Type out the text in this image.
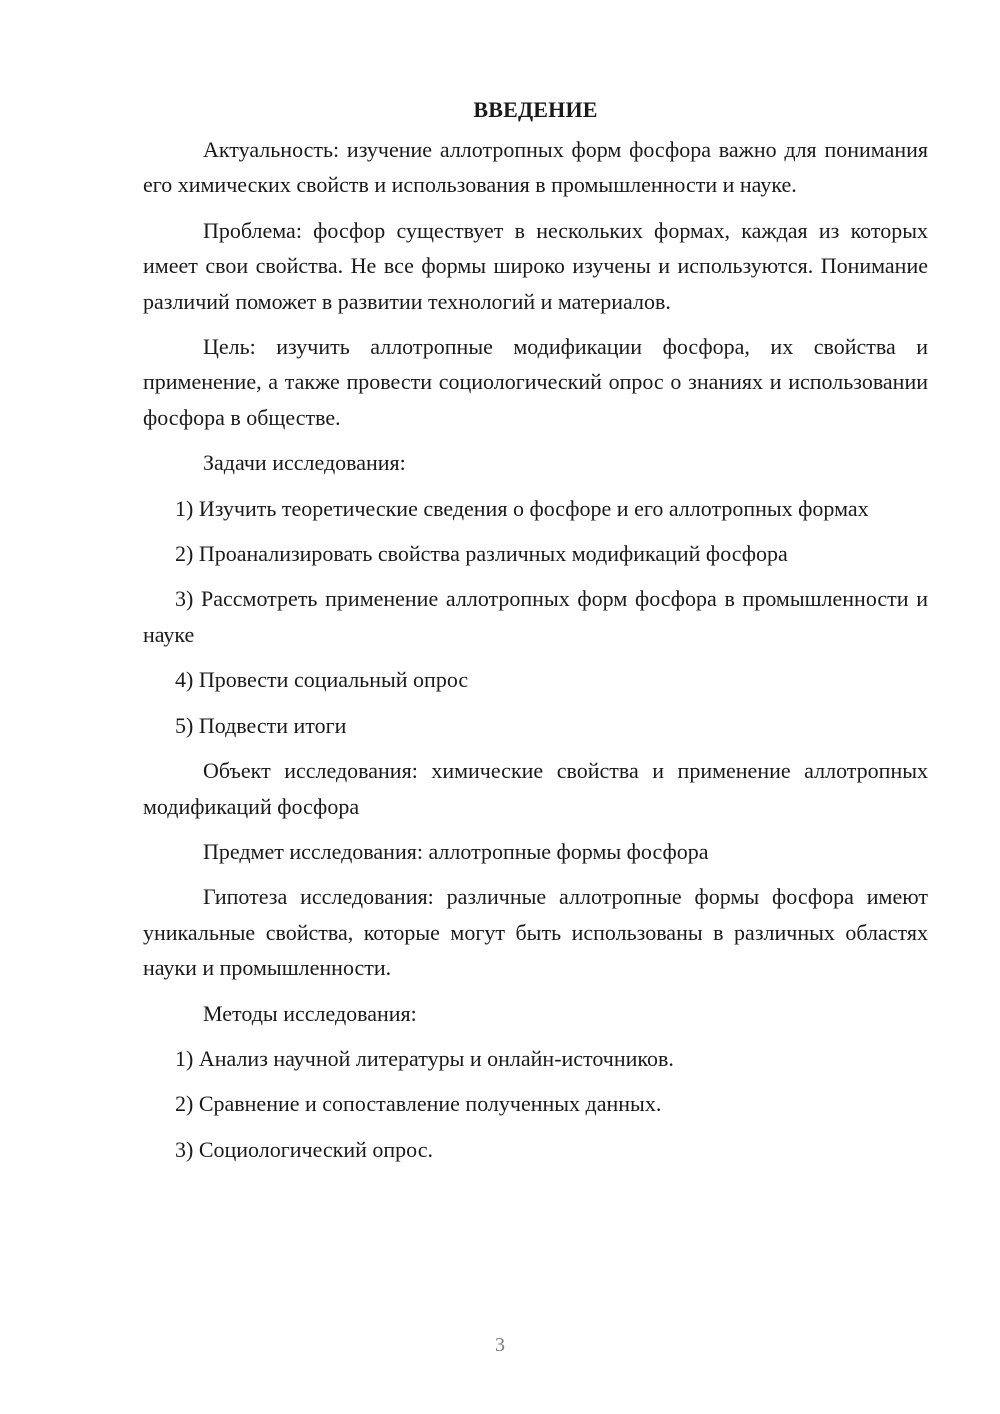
ВВЕДЕНИЕ

Актуальность: изучение аллотропных форм фосфора важно для понимания его химических свойств и использования в промышленности и науке.

Проблема: фосфор существует в нескольких формах, каждая из которых имеет свои свойства. Не все формы широко изучены и используются. Понимание различий поможет в развитии технологий и материалов.

Цель: изучить аллотропные модификации фосфора, их свойства и применение, а также провести социологический опрос о знаниях и использовании фосфора в обществе.

Задачи исследования:

1) Изучить теоретические сведения о фосфоре и его аллотропных формах

2) Проанализировать свойства различных модификаций фосфора

3) Рассмотреть применение аллотропных форм фосфора в промышленности и науке

4) Провести социальный опрос

5) Подвести итоги

Объект исследования: химические свойства и применение аллотропных модификаций фосфора

Предмет исследования: аллотропные формы фосфора

Гипотеза исследования: различные аллотропные формы фосфора имеют уникальные свойства, которые могут быть использованы в различных областях науки и промышленности.

Методы исследования:

1) Анализ научной литературы и онлайн-источников.

2) Сравнение и сопоставление полученных данных.

3) Социологический опрос.

3
